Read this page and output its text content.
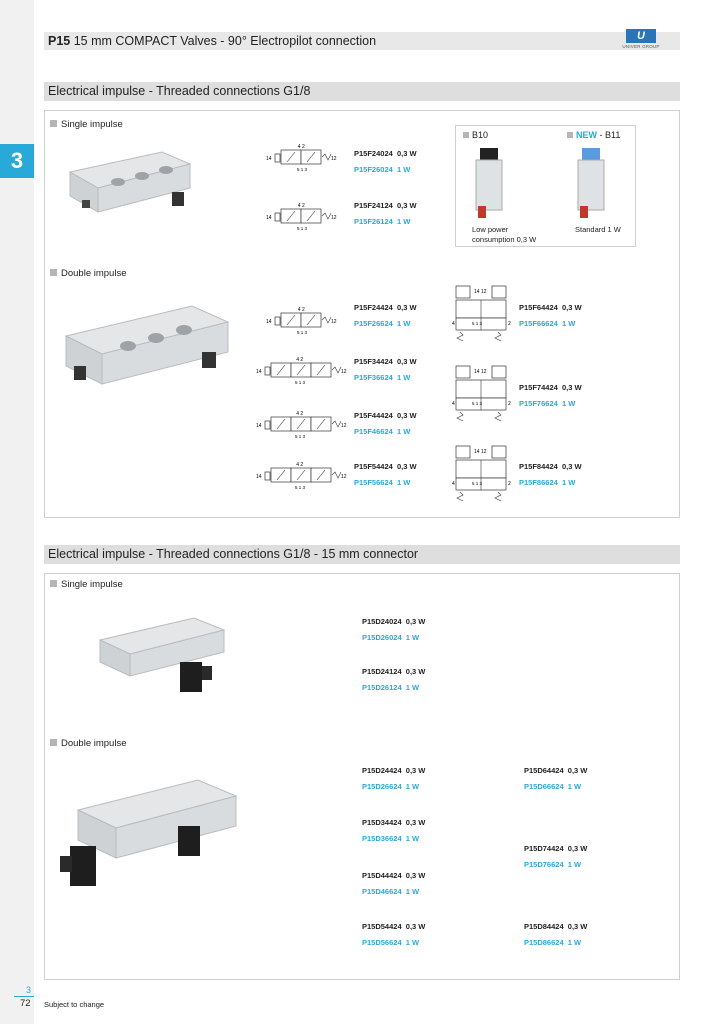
3
P15 15 mm COMPACT Valves - 90° Electropilot connection	U
UNIVER GROUP
Electrical impulse - Threaded connections G1/8
Single impulse
Double impulse
B10	NEW - B11
Low power
consumption 0,3 W
Standard 1 W
14
4 2
5 1 3
12
14
4 2
5 1 3
12
14
4 2
5 1 3
12
14
4 2
5 1 3
12
14
4 2
5 1 3
12
14
4 2
5 1 3
12
14 12
4	2
5 1 3
14 12
4	2
5 1 3
14 12
4	2
5 1 3
P15F24024 0,3 W
P15F26024 1 W
P15F24124 0,3 W
P15F26124 1 W
P15F24424 0,3 W
P15F26624 1 W
P15F34424 0,3 W
P15F36624 1 W
P15F44424 0,3 W
P15F46624 1 W
P15F54424 0,3 W
P15F56624 1 W
P15F64424 0,3 W
P15F66624 1 W
P15F74424 0,3 W
P15F76624 1 W
P15F84424 0,3 W
P15F86624 1 W
Electrical impulse - Threaded connections G1/8 - 15 mm connector
Single impulse
Double impulse
P15D24024 0,3 W
P15D26024 1 W
P15D24124 0,3 W
P15D26124 1 W
P15D24424 0,3 W
P15D26624 1 W
P15D34424 0,3 W
P15D36624 1 W
P15D44424 0,3 W
P15D46624 1 W
P15D54424 0,3 W
P15D56624 1 W
P15D64424 0,3 W
P15D66624 1 W
P15D74424 0,3 W
P15D76624 1 W
P15D84424 0,3 W
P15D86624 1 W
3
72 Subject to change
